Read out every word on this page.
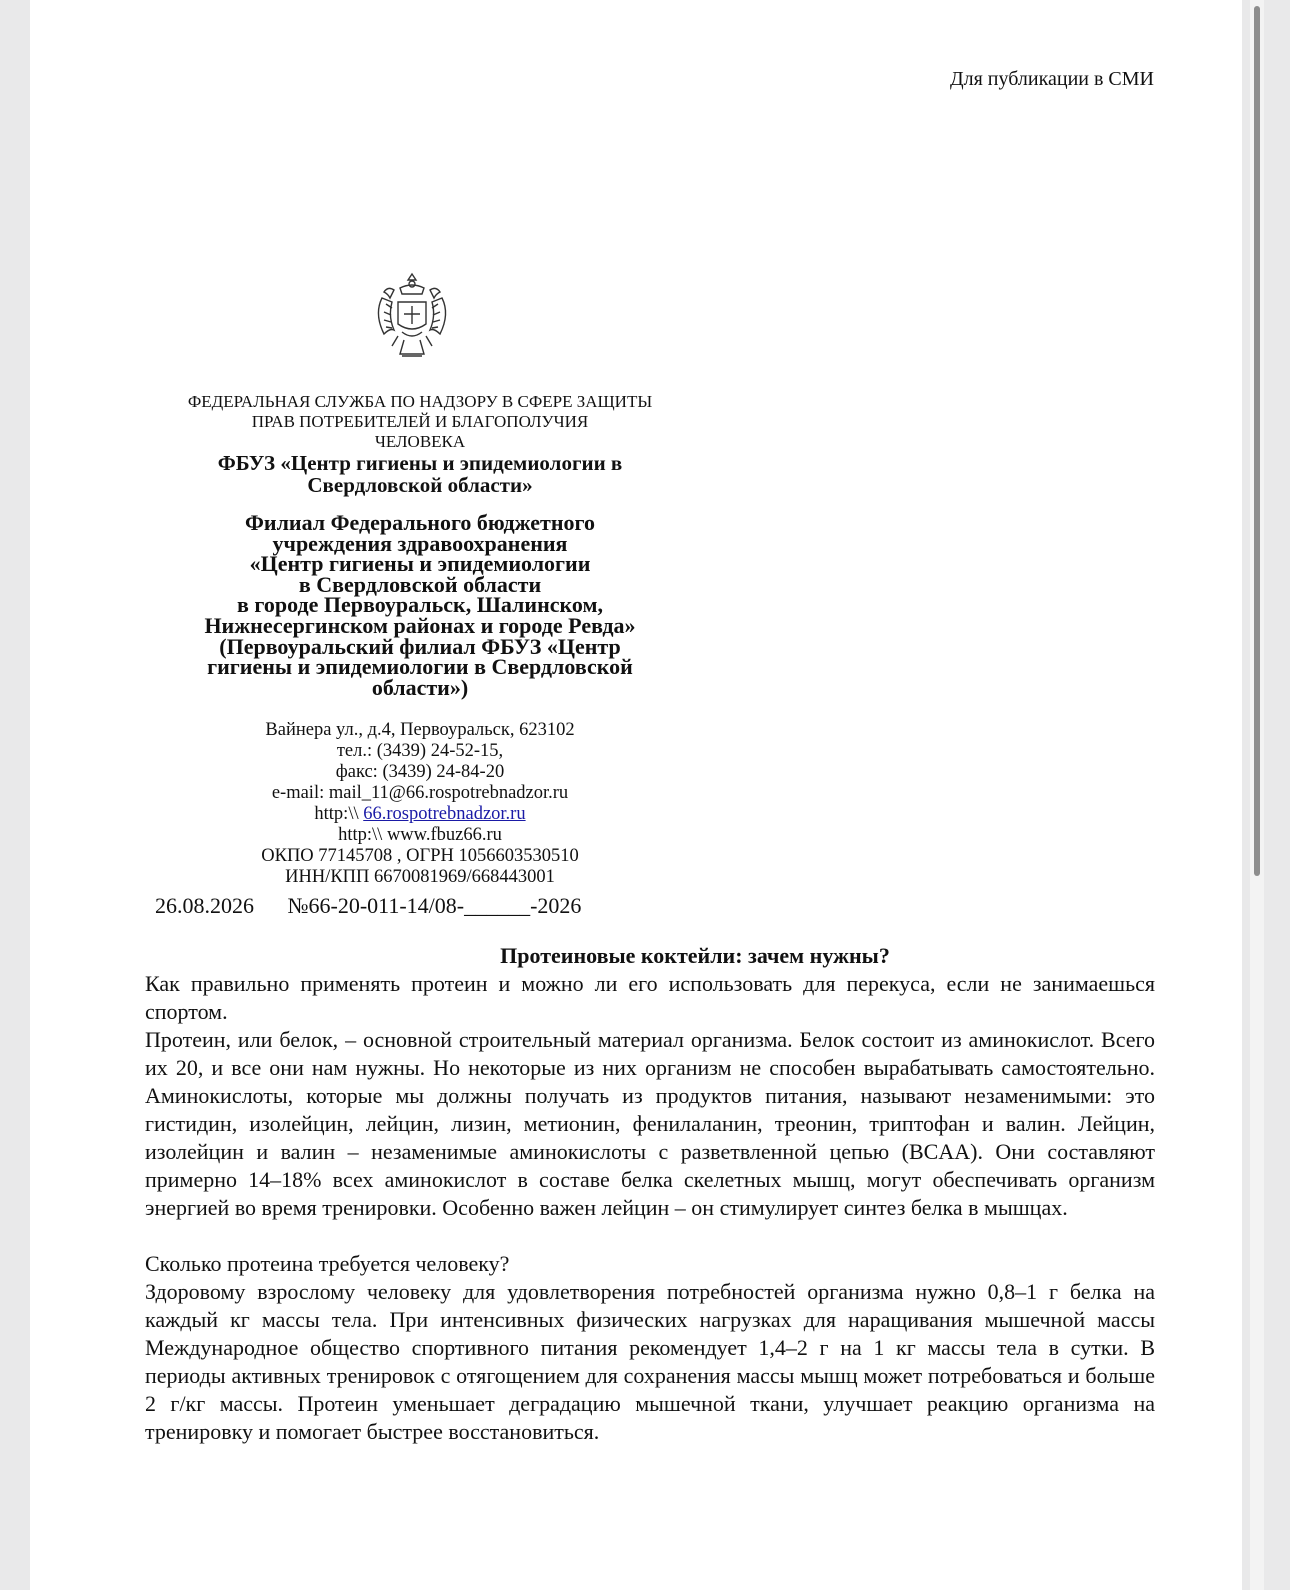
Для публикации в СМИ
ФЕДЕРАЛЬНАЯ СЛУЖБА ПО НАДЗОРУ В СФЕРЕ ЗАЩИТЫ
ПРАВ ПОТРЕБИТЕЛЕЙ И БЛАГОПОЛУЧИЯ
ЧЕЛОВЕКА
ФБУЗ «Центр гигиены и эпидемиологии в
Свердловской области»
Филиал Федерального бюджетного
учреждения здравоохранения
«Центр гигиены и эпидемиологии
в Свердловской области
в городе Первоуральск, Шалинском,
Нижнесергинском районах и городе Ревда»
(Первоуральский филиал ФБУЗ «Центр
гигиены и эпидемиологии в Свердловской
области»)
Вайнера ул., д.4, Первоуральск, 623102
тел.: (3439) 24-52-15,
факс: (3439) 24-84-20
e-mail: mail_11@66.rospotrebnadzor.ru
http:\\ 66.rospotrebnadzor.ru
http:\\ www.fbuz66.ru
ОКПО 77145708 , ОГРН 1056603530510
ИНН/КПП 6670081969/668443001
26.08.2026 №66-20-011-14/08-______-2026
Протеиновые коктейли: зачем нужны?

Как правильно применять протеин и можно ли его использовать для перекуса, если не занимаешься спортом.

Протеин, или белок, – основной строительный материал организма. Белок состоит из аминокислот. Всего их 20, и все они нам нужны. Но некоторые из них организм не способен вырабатывать самостоятельно. Аминокислоты, которые мы должны получать из продуктов питания, называют незаменимыми: это гистидин, изолейцин, лейцин, лизин, метионин, фенилаланин, треонин, триптофан и валин. Лейцин, изолейцин и валин – незаменимые аминокислоты с разветвленной цепью (BCAA). Они составляют примерно 14–18% всех аминокислот в составе белка скелетных мышц, могут обеспечивать организм энергией во время тренировки. Особенно важен лейцин – он стимулирует синтез белка в мышцах.

Сколько протеина требуется человеку?

Здоровому взрослому человеку для удовлетворения потребностей организма нужно 0,8–1 г белка на каждый кг массы тела. При интенсивных физических нагрузках для наращивания мышечной массы Международное общество спортивного питания рекомендует 1,4–2 г на 1 кг массы тела в сутки. В периоды активных тренировок с отягощением для сохранения массы мышц может потребоваться и больше 2 г/кг массы. Протеин уменьшает деградацию мышечной ткани, улучшает реакцию организма на тренировку и помогает быстрее восстановиться.
